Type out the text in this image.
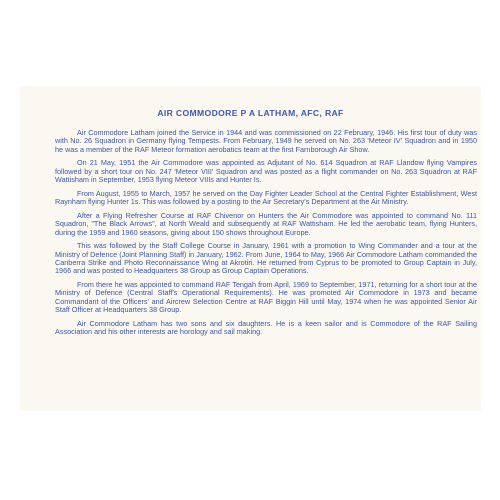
AIR COMMODORE P A LATHAM, AFC, RAF

Air Commodore Latham joined the Service in 1944 and was commissioned on 22 February, 1946. His first tour of duty was with No. 26 Squadron in Germany flying Tempests. From February, 1949 he served on No. 263 'Meteor IV' Squadron and in 1950 he was a member of the RAF Meteor formation aerobatics team at the first Farnborough Air Show.

On 21 May, 1951 the Air Commodore was appointed as Adjutant of No. 614 Squadron at RAF Llandow flying Vampires followed by a short tour on No. 247 'Meteor VIII' Squadron and was posted as a flight commander on No. 263 Squadron at RAF Wattisham in September, 1953 flying Meteor VIIIs and Hunter Is.

From August, 1955 to March, 1957 he served on the Day Fighter Leader School at the Central Fighter Establishment, West Raynham flying Hunter 1s. This was followed by a posting to the Air Secretary's Department at the Air Ministry.

After a Flying Refresher Course at RAF Chivenor on Hunters the Air Commodore was appointed to command No. 111 Squadron, "The Black Arrows", at North Weald and subsequently at RAF Wattisham. He led the aerobatic team, flying Hunters, during the 1959 and 1960 seasons, giving about 150 shows throughout Europe.

This was followed by the Staff College Course in January, 1961 with a promotion to Wing Commander and a tour at the Ministry of Defence (Joint Planning Staff) in January, 1962. From June, 1964 to May, 1966 Air Commodore Latham commanded the Canberra Strike and Photo Reconnaissance Wing at Akrotiri. He returned from Cyprus to be promoted to Group Captain in July, 1966 and was posted to Headquarters 38 Group as Group Captain Operations.

From there he was appointed to command RAF Tengah from April, 1969 to September, 1971, returning for a short tour at the Ministry of Defence (Central Staff's Operational Requirements). He was promoted Air Commodore in 1973 and became Commandant of the Officers' and Aircrew Selection Centre at RAF Biggin Hill until May, 1974 when he was appointed Senior Air Staff Officer at Headquarters 38 Group.

Air Commodore Latham has two sons and six daughters. He is a keen sailor and is Commodore of the RAF Sailing Association and his other interests are horology and sail making.
